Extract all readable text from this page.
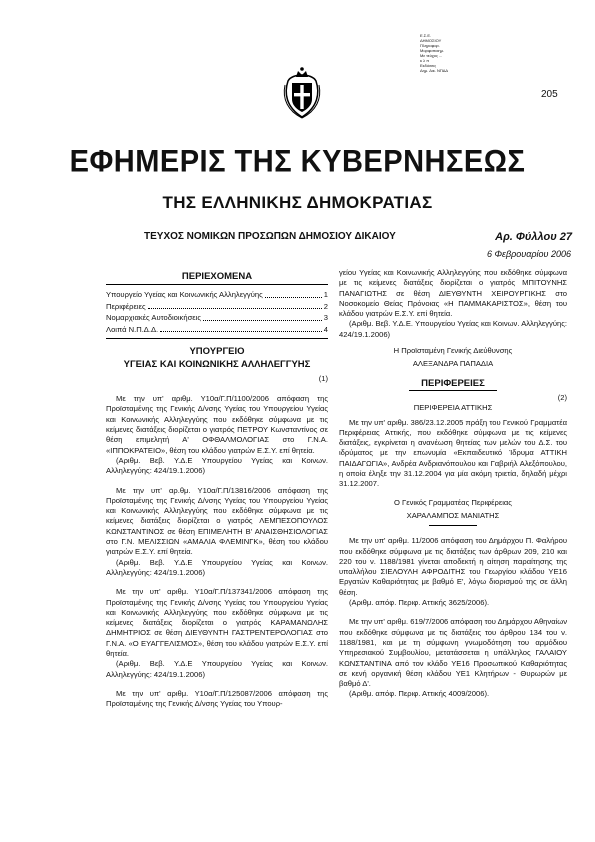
Ε.Σ.Ε.
ΔΗΜΟΣΙΟΥ
Πληροφορ.
Μορφοποιημ.
Με τεύχος ...
κ λ π
Εκδόσεις
Δημ. Δικ. ΝΠΔΔ
205
ΕΦΗΜΕΡΙΣ ΤΗΣ ΚΥΒΕΡΝΗΣΕΩΣ
ΤΗΣ ΕΛΛΗΝΙΚΗΣ ΔΗΜΟΚΡΑΤΙΑΣ
ΤΕΥΧΟΣ ΝΟΜΙΚΩΝ ΠΡΟΣΩΠΩΝ ΔΗΜΟΣΙΟΥ ΔΙΚΑΙΟΥ	Αρ. Φύλλου 27
6 Φεβρουαρίου 2006
ΠΕΡΙΕΧΟΜΕΝΑ
Υπουργείο Υγείας και Κοινωνικής Αλληλεγγύης	1
Περιφέρειες	2
Νομαρχιακές Αυτοδιοικήσεις	3
Λοιπά Ν.Π.Δ.Δ.	4
ΥΠΟΥΡΓΕΙΟ
ΥΓΕΙΑΣ ΚΑΙ ΚΟΙΝΩΝΙΚΗΣ ΑΛΛΗΛΕΓΓΥΗΣ
(1)

Με την υπ' αριθμ. Υ10α/Γ.Π/1100/2006 απόφαση της Προϊσταμένης της Γενικής Δ/νσης Υγείας του Υπουργείου Υγείας και Κοινωνικής Αλληλεγγύης που εκδόθηκε σύμφωνα με τις κείμενες διατάξεις διορίζεται ο γιατρός ΠΕΤΡΟΥ Κωνσταντίνος σε θέση επιμελητή Α' ΟΦΘΑΛΜΟΛΟΓΙΑΣ στο Γ.Ν.Α. «ΙΠΠΟΚΡΑΤΕΙΟ», θέση του κλάδου γιατρών Ε.Σ.Υ. επί θητεία.

(Αριθμ. Βεβ. Υ.Δ.Ε Υπουργείου Υγείας και Κοινων. Αλληλεγγύης: 424/19.1.2006)

Με την υπ' αρ.θμ. Υ10α/Γ.Π/13816/2006 απόφαση της Προϊσταμένης της Γενικής Δ/νσης Υγείας του Υπουργείου Υγείας και Κοινωνικής Αλληλεγγύης που εκδόθηκε σύμφωνα με τις κείμενες διατάξεις διορίζεται ο γιατρός ΛΕΜΠΕΣΟΠΟΥΛΟΣ ΚΩΝΣΤΑΝΤΙΝΟΣ σε θέση ΕΠΙΜΕΛΗΤΗ Β' ΑΝΑΙΣΘΗΣΙΟΛΟΓΙΑΣ στο Γ.Ν. ΜΕΛΙΣΣΙΩΝ «ΑΜΑΛΙΑ ΦΛΕΜΙΝΓΚ», θέση του κλάδου γιατρών Ε.Σ.Υ. επί θητεία.

(Αριθμ. Βεβ. Υ.Δ.Ε Υπουργείου Υγείας και Κοινων. Αλληλεγγύης: 424/19.1.2006)

Με την υπ' αριθμ. Υ10α/Γ.Π/137341/2006 απόφαση της Προϊσταμένης της Γενικής Δ/νσης Υγείας του Υπουργείου Υγείας και Κοινωνικής Αλληλεγγύης που εκδόθηκε σύμφωνα με τις κείμενες διατάξεις διορίζεται ο γιατρός ΚΑΡΑΜΑΝΩΛΗΣ ΔΗΜΗΤΡΙΟΣ σε θέση ΔΙΕΥΘΥΝΤΗ ΓΑΣΤΡΕΝΤΕΡΟΛΟΓΙΑΣ στο Γ.Ν.Α. «Ο ΕΥΑΓΓΕΛΙΣΜΟΣ», θέση του κλάδου γιατρών Ε.Σ.Υ. επί θητεία.

(Αριθμ. Βεβ. Υ.Δ.Ε Υπουργείου Υγείας και Κοινων. Αλληλεγγύης: 424/19.1.2006)

Με την υπ' αριθμ. Υ10α/Γ.Π/125087/2006 απόφαση της Προϊσταμένης της Γενικής Δ/νσης Υγείας του Υπουρ-

γείου Υγείας και Κοινωνικής Αλληλεγγύης που εκδόθηκε σύμφωνα με τις κείμενες διατάξεις διορίζεται ο γιατρός ΜΠΙΤΟΥΝΗΣ ΠΑΝΑΓΙΩΤΗΣ σε θέση ΔΙΕΥΘΥΝΤΗ ΧΕΙΡΟΥΡΓΙΚΗΣ στο Νοσοκομείο Θείας Πρόνοιας «Η ΠΑΜΜΑΚΑΡΙΣΤΟΣ», θέση του κλάδου γιατρών Ε.Σ.Υ. επί θητεία.

(Αριθμ. Βεβ. Υ.Δ.Ε. Υπουργείου Υγείας και Κοινων. Αλληλεγγύης: 424/19.1.2006)

Η Προϊσταμένη Γενικής Διεύθυνσης
ΑΛΕΞΑΝΔΡΑ ΠΑΠΑΔΙΑ
ΠΕΡΙΦΕΡΕΙΕΣ
(2)
ΠΕΡΙΦΕΡΕΙΑ ΑΤΤΙΚΗΣ

Με την υπ' αριθμ. 386/23.12.2005 πράξη του Γενικού Γραμματέα Περιφέρειας Αττικής, που εκδόθηκε σύμφωνα με τις κείμενες διατάξεις, εγκρίνεται η ανανέωση θητείας των μελών του Δ.Σ. του ιδρύματος με την επωνυμία «Εκπαιδευτικό Ίδρυμα ΑΤΤΙΚΗ ΠΑΙΔΑΓΩΓΙΑ», Ανδρέα Ανδριανόπουλου και Γαβριήλ Αλεξόπουλου, η οποία έληξε την 31.12.2004 για μία ακόμη τριετία, δηλαδή μέχρι 31.12.2007.

Ο Γενικός Γραμματέας Περιφέρειας
ΧΑΡΑΛΑΜΠΟΣ ΜΑΝΙΑΤΗΣ

Με την υπ' αριθμ. 11/2006 απόφαση του Δημάρχου Π. Φαλήρου που εκδόθηκε σύμφωνα με τις διατάξεις των άρθρων 209, 210 και 220 του ν. 1188/1981 γίνεται αποδεκτή η αίτηση παραίτησης της υπαλλήλου ΣΙΕΛΟΥΛΗ ΑΦΡΟΔΙΤΗΣ του Γεωργίου κλάδου ΥΕ16 Εργατών Καθαριότητας με βαθμό Ε', λόγω διορισμού της σε άλλη θέση.

(Αριθμ. απόφ. Περιφ. Αττικής 3625/2006).

Με την υπ' αριθμ. 619/7/2006 απόφαση του Δημάρχου Αθηναίων που εκδόθηκε σύμφωνα με τις διατάξεις του άρθρου 134 του ν. 1188/1981, και με τη σύμφωνη γνωμοδότηση του αρμόδιου Υπηρεσιακού Συμβουλίου, μετατάσσεται η υπάλληλος ΓΑΛΑΙΟΥ ΚΩΝΣΤΑΝΤΙΝΑ από τον κλάδο ΥΕ16 Προσωπικού Καθαριότητας σε κενή οργανική θέση κλάδου ΥΕ1 Κλητήρων - Θυρωρών με βαθμό Δ'.

(Αριθμ. απόφ. Περιφ. Αττικής 4009/2006).
